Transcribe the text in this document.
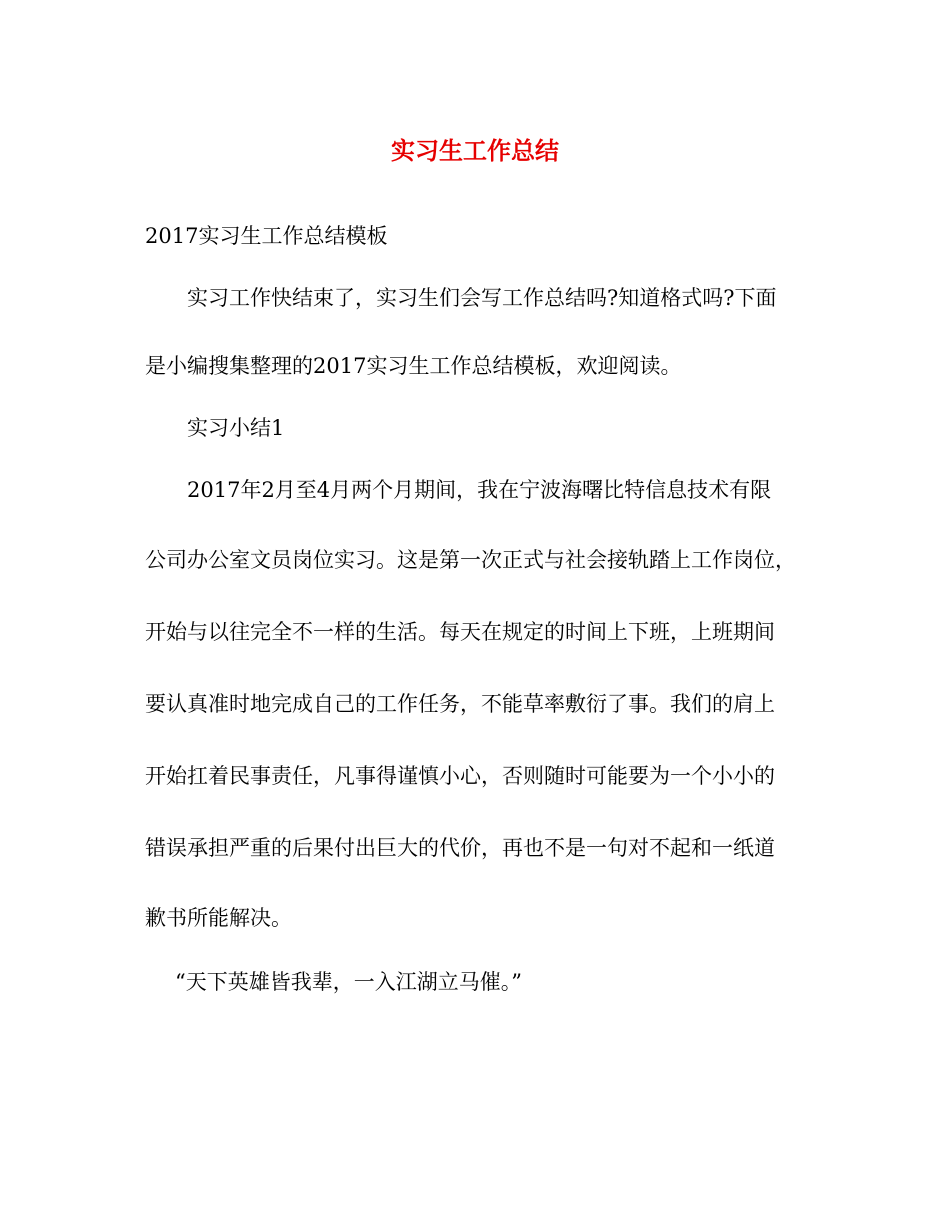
实习生工作总结
2017实习生工作总结模板
实习工作快结束了，实习生们会写工作总结吗?知道格式吗?下面
是小编搜集整理的2017实习生工作总结模板，欢迎阅读。
实习小结1
2017年2月至4月两个月期间，我在宁波海曙比特信息技术有限
公司办公室文员岗位实习。这是第一次正式与社会接轨踏上工作岗位，
开始与以往完全不一样的生活。每天在规定的时间上下班，上班期间
要认真准时地完成自己的工作任务，不能草率敷衍了事。我们的肩上
开始扛着民事责任，凡事得谨慎小心，否则随时可能要为一个小小的
错误承担严重的后果付出巨大的代价，再也不是一句对不起和一纸道
歉书所能解决。
“天下英雄皆我辈，一入江湖立马催。”
